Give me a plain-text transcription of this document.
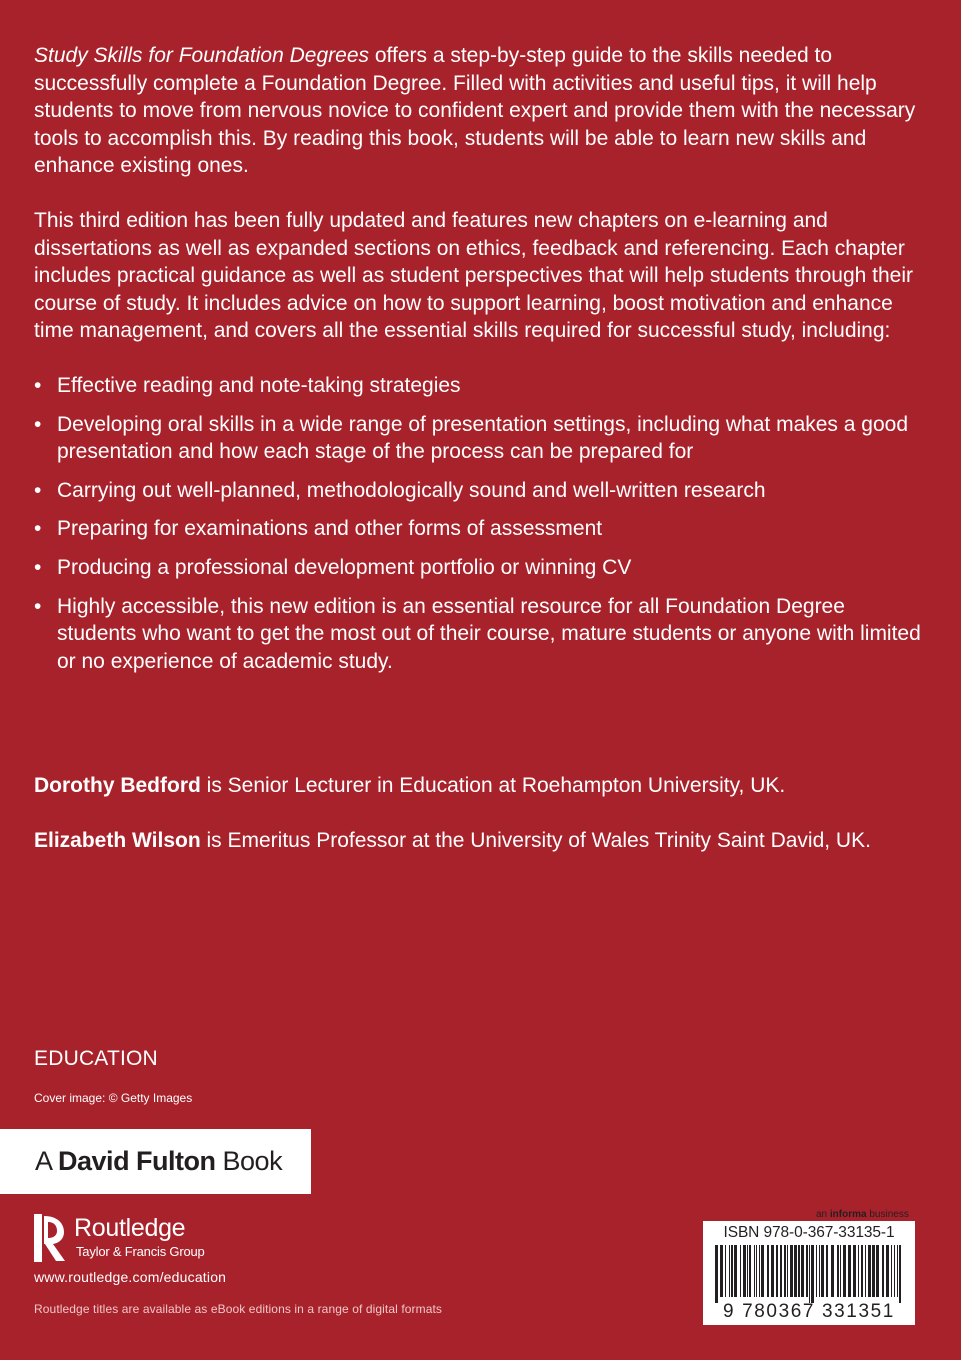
Study Skills for Foundation Degrees offers a step-by-step guide to the skills needed to successfully complete a Foundation Degree. Filled with activities and useful tips, it will help students to move from nervous novice to confident expert and provide them with the necessary tools to accomplish this. By reading this book, students will be able to learn new skills and enhance existing ones.

This third edition has been fully updated and features new chapters on e-learning and dissertations as well as expanded sections on ethics, feedback and referencing. Each chapter includes practical guidance as well as student perspectives that will help students through their course of study. It includes advice on how to support learning, boost motivation and enhance time management, and covers all the essential skills required for successful study, including:

• Effective reading and note-taking strategies
• Developing oral skills in a wide range of presentation settings, including what makes a good presentation and how each stage of the process can be prepared for
• Carrying out well-planned, methodologically sound and well-written research
• Preparing for examinations and other forms of assessment
• Producing a professional development portfolio or winning CV
• Highly accessible, this new edition is an essential resource for all Foundation Degree students who want to get the most out of their course, mature students or anyone with limited or no experience of academic study.
Dorothy Bedford is Senior Lecturer in Education at Roehampton University, UK.
Elizabeth Wilson is Emeritus Professor at the University of Wales Trinity Saint David, UK.
EDUCATION
Cover image: © Getty Images
A David Fulton Book
Routledge
Taylor & Francis Group
www.routledge.com/education
Routledge titles are available as eBook editions in a range of digital formats
an informa business
ISBN 978-0-367-33135-1
9 780367 331351
